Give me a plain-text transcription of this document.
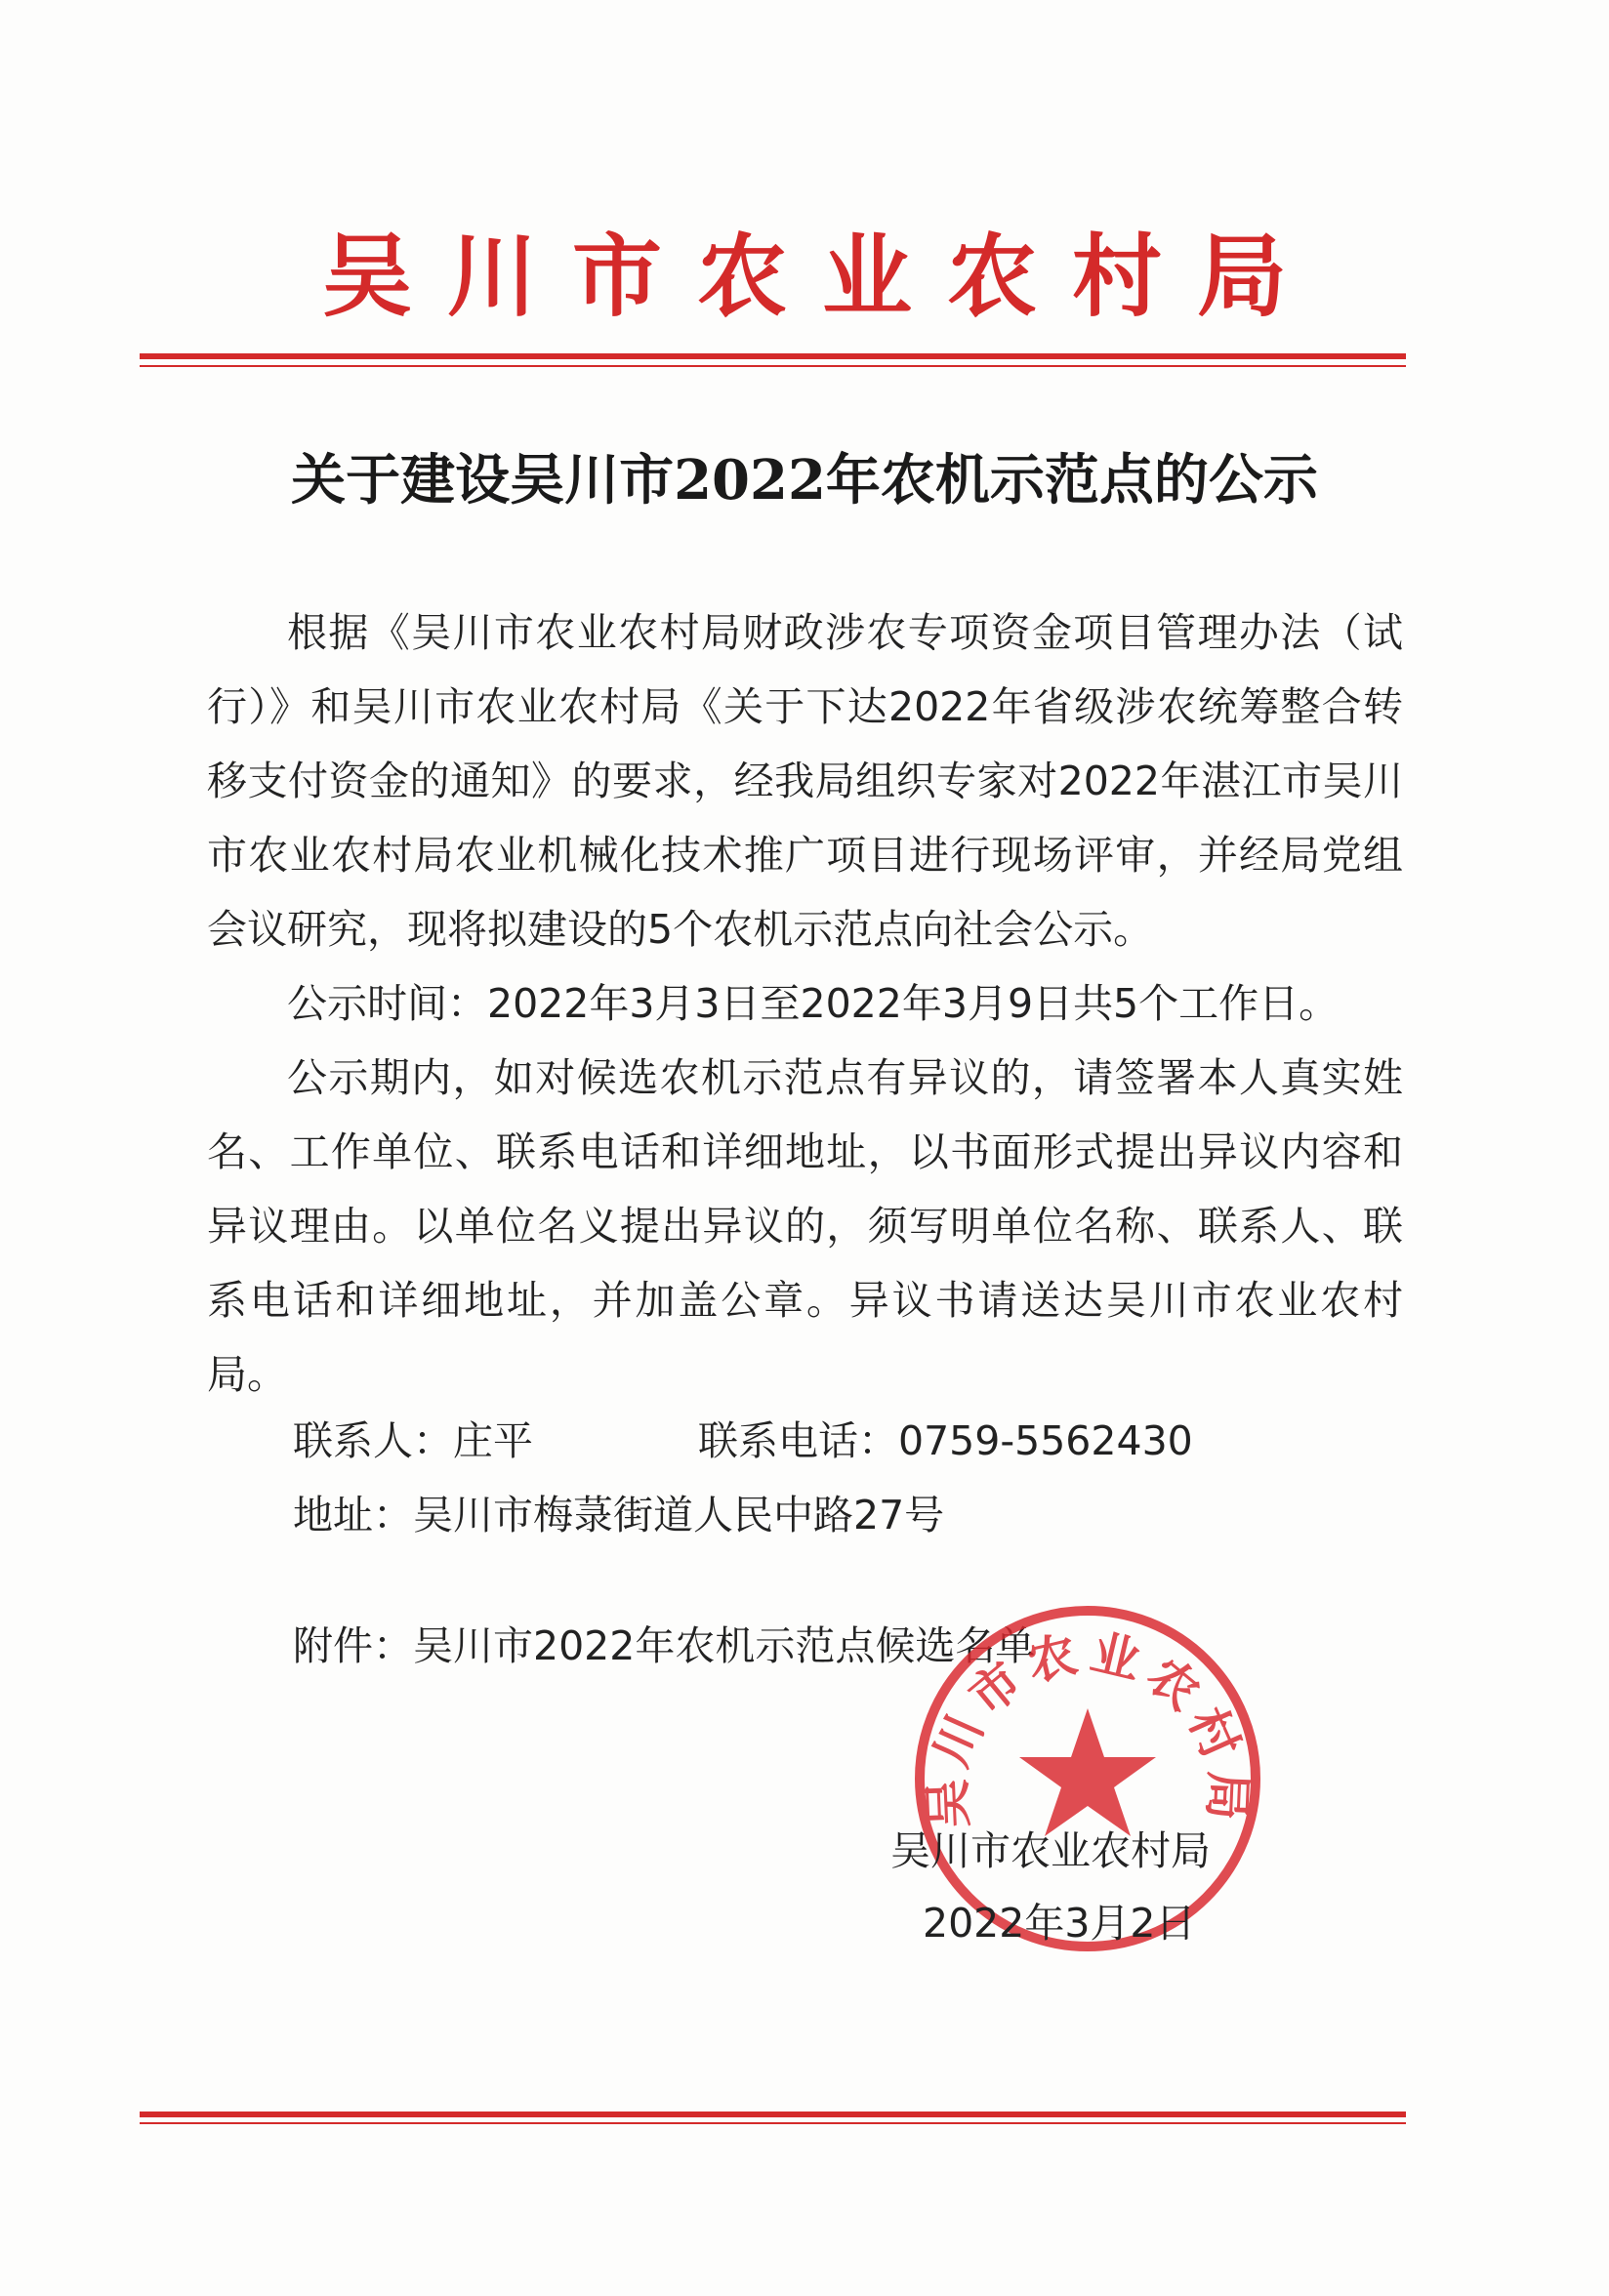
吴川市农业农村局
关于建设吴川市2022年农机示范点的公示

根据《吴川市农业农村局财政涉农专项资金项目管理办法（试行）》和吴川市农业农村局《关于下达2022年省级涉农统筹整合转移支付资金的通知》的要求，经我局组织专家对2022年湛江市吴川市农业农村局农业机械化技术推广项目进行现场评审，并经局党组会议研究，现将拟建设的5个农机示范点向社会公示。

公示时间：2022年3月3日至2022年3月9日共5个工作日。

公示期内，如对候选农机示范点有异议的，请签署本人真实姓名、工作单位、联系电话和详细地址，以书面形式提出异议内容和异议理由。以单位名义提出异议的，须写明单位名称、联系人、联系电话和详细地址，并加盖公章。异议书请送达吴川市农业农村局。

联系人：庄平	联系电话：0759-5562430
地址：吴川市梅菉街道人民中路27号
附件：吴川市2022年农机示范点候选名单
吴川市农业农村局
吴川市农业农村局
2022年3月2日
